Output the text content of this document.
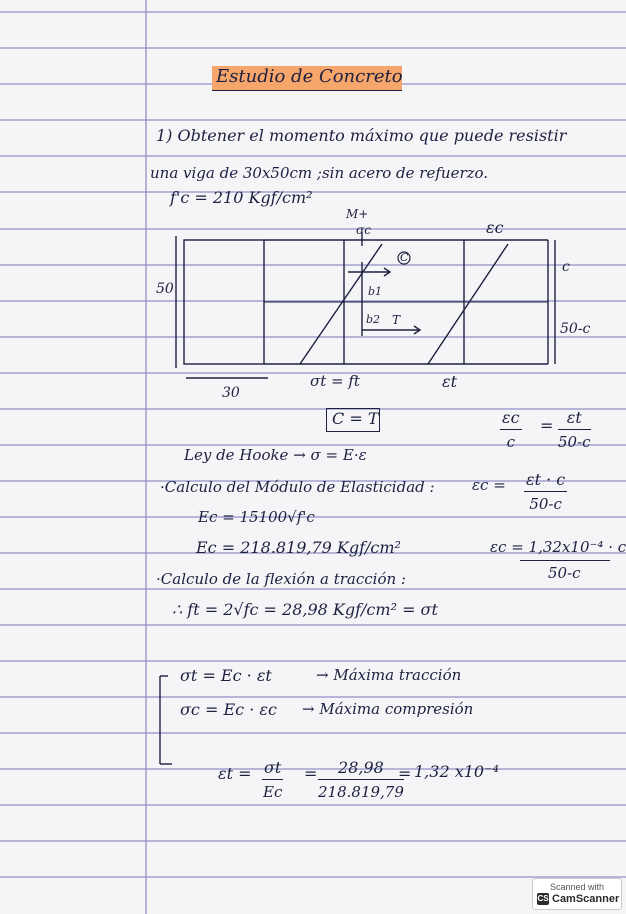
Estudio de Concreto
1) Obtener el momento máximo que puede resistir
una viga de 30x50cm ;sin acero de refuerzo.
f'c = 210 Kgf/cm²
M+
σc	εc
c
50
30
b1
b2 T
C
50-c
σt = ft	εt
C = T	$\frac{\varepsilon c}{c} = \frac{\varepsilon t}{50-c}$
Ley de Hooke → σ = E·ε
·Calculo del Módulo de Elasticidad : $\varepsilon c = \frac{\varepsilon t \cdot c}{50-c}$
Ec = 15100√f'c
Ec = 218.819,79 Kgf/cm²	εc = 1,32x10⁻⁴ · c
50-c
·Calculo de la flexión a tracción :
∴ ft = 2√fc = 28,98 Kgf/cm² = σt
σt = Ec · εt	→ Máxima tracción
σc = Ec · εc → Máxima compresión
$\varepsilon t = \frac{\sigma t}{Ec} = \frac{28,98}{218.819,79}$
= 1,32 x10⁻⁴
Scanned with
CS CamScanner
